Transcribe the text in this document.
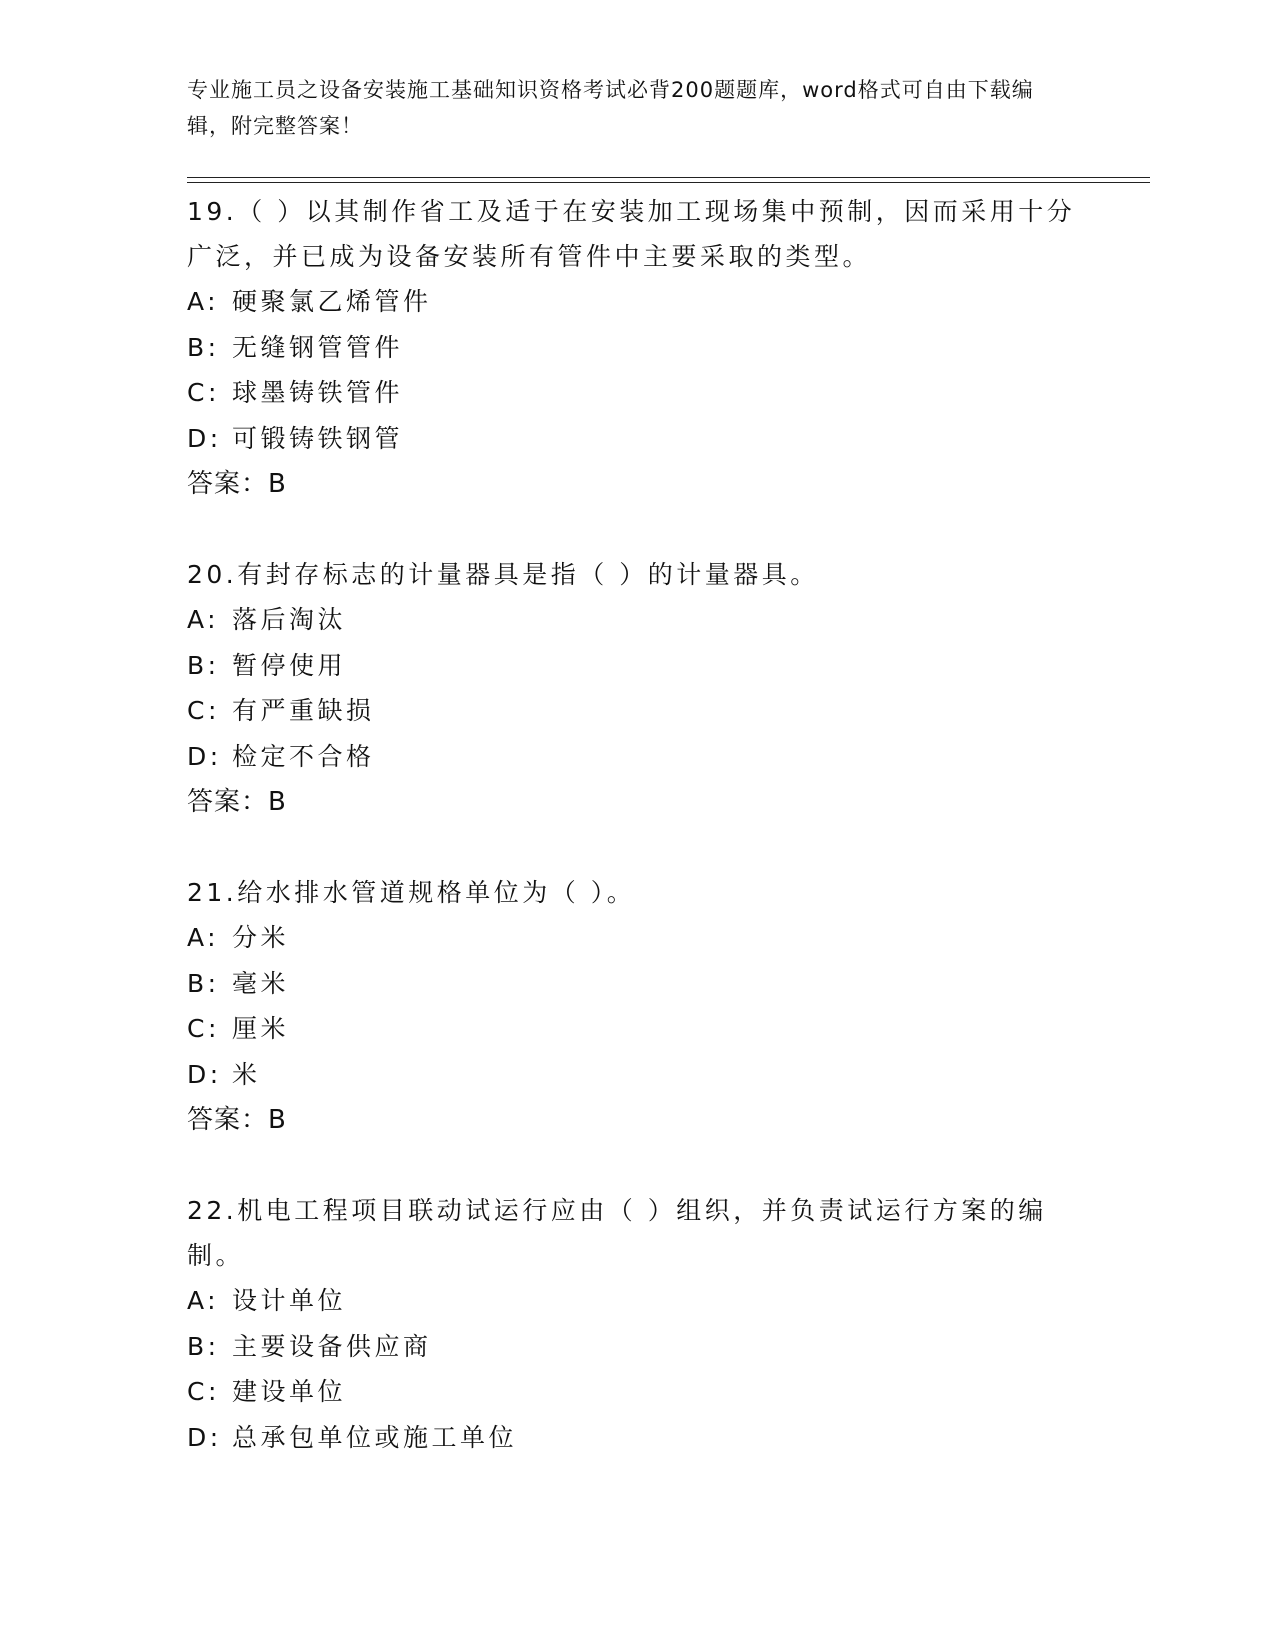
专业施工员之设备安装施工基础知识资格考试必背200题题库，word格式可自由下载编辑，附完整答案！

19.（ ）以其制作省工及适于在安装加工现场集中预制，因而采用十分广泛，并已成为设备安装所有管件中主要采取的类型。

A: 硬聚氯乙烯管件

B: 无缝钢管管件

C: 球墨铸铁管件

D: 可锻铸铁钢管

答案：B

20.有封存标志的计量器具是指（ ）的计量器具。

A: 落后淘汰

B: 暂停使用

C: 有严重缺损

D: 检定不合格

答案：B

21.给水排水管道规格单位为（ ）。

A: 分米

B: 毫米

C: 厘米

D: 米

答案：B

22.机电工程项目联动试运行应由（ ）组织，并负责试运行方案的编制。

A: 设计单位

B: 主要设备供应商

C: 建设单位

D: 总承包单位或施工单位
